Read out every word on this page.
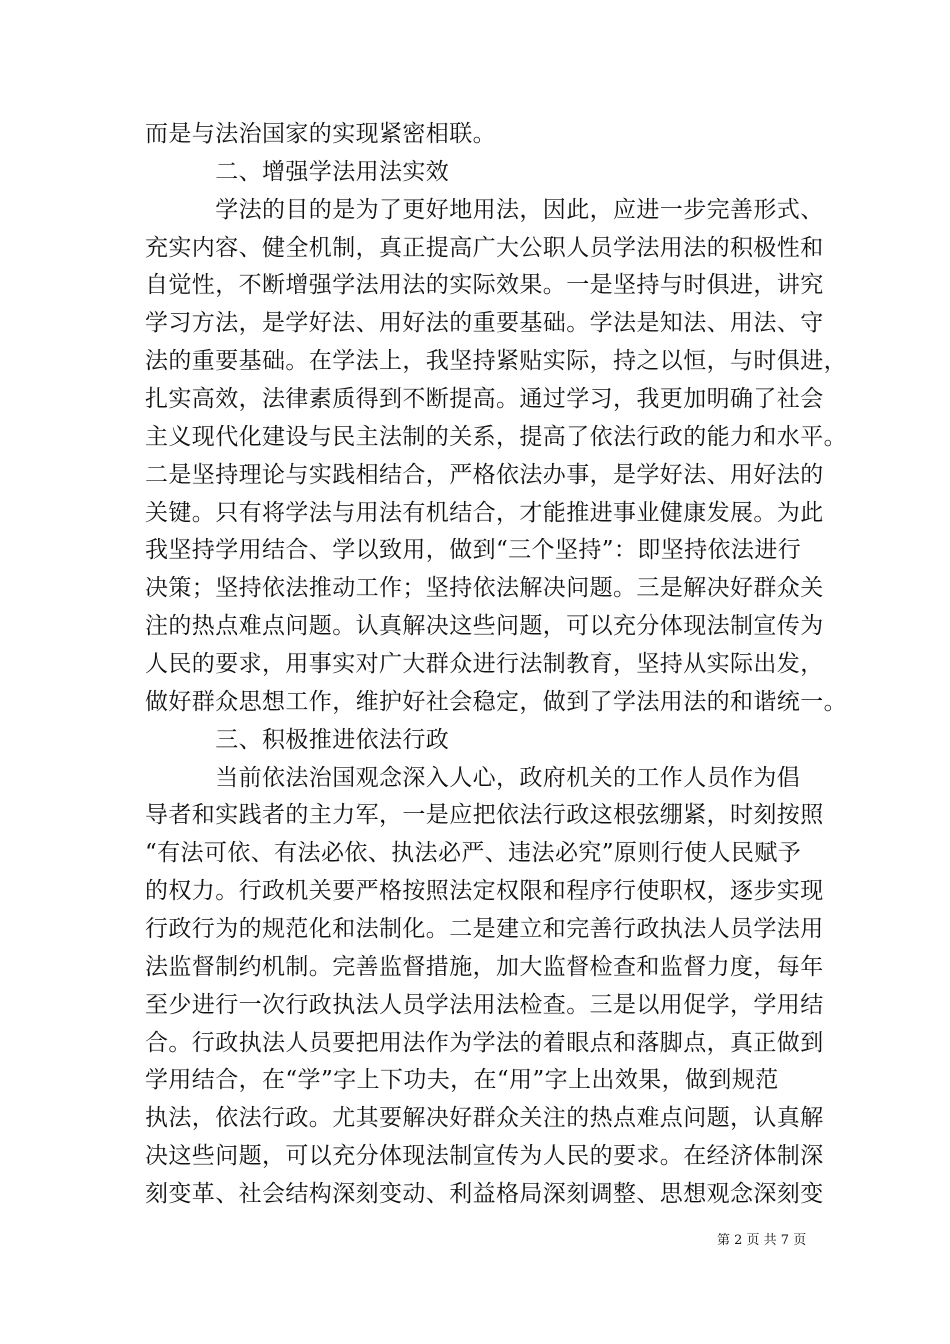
而是与法治国家的实现紧密相联。

　　　二、增强学法用法实效

　　　学法的目的是为了更好地用法，因此，应进一步完善形式、

充实内容、健全机制，真正提高广大公职人员学法用法的积极性和

自觉性，不断增强学法用法的实际效果。一是坚持与时俱进，讲究

学习方法，是学好法、用好法的重要基础。学法是知法、用法、守

法的重要基础。在学法上，我坚持紧贴实际，持之以恒，与时俱进，

扎实高效，法律素质得到不断提高。通过学习，我更加明确了社会

主义现代化建设与民主法制的关系，提高了依法行政的能力和水平。

二是坚持理论与实践相结合，严格依法办事，是学好法、用好法的

关键。只有将学法与用法有机结合，才能推进事业健康发展。为此

我坚持学用结合、学以致用，做到“三个坚持”：即坚持依法进行

决策；坚持依法推动工作；坚持依法解决问题。三是解决好群众关

注的热点难点问题。认真解决这些问题，可以充分体现法制宣传为

人民的要求，用事实对广大群众进行法制教育，坚持从实际出发，

做好群众思想工作，维护好社会稳定，做到了学法用法的和谐统一。

　　　三、积极推进依法行政

　　　当前依法治国观念深入人心，政府机关的工作人员作为倡

导者和实践者的主力军，一是应把依法行政这根弦绷紧，时刻按照

“有法可依、有法必依、执法必严、违法必究”原则行使人民赋予

的权力。行政机关要严格按照法定权限和程序行使职权，逐步实现

行政行为的规范化和法制化。二是建立和完善行政执法人员学法用

法监督制约机制。完善监督措施，加大监督检查和监督力度，每年

至少进行一次行政执法人员学法用法检查。三是以用促学，学用结

合。行政执法人员要把用法作为学法的着眼点和落脚点，真正做到

学用结合，在“学”字上下功夫，在“用”字上出效果，做到规范

执法，依法行政。尤其要解决好群众关注的热点难点问题，认真解

决这些问题，可以充分体现法制宣传为人民的要求。在经济体制深

刻变革、社会结构深刻变动、利益格局深刻调整、思想观念深刻变

第 2 页 共 7 页
